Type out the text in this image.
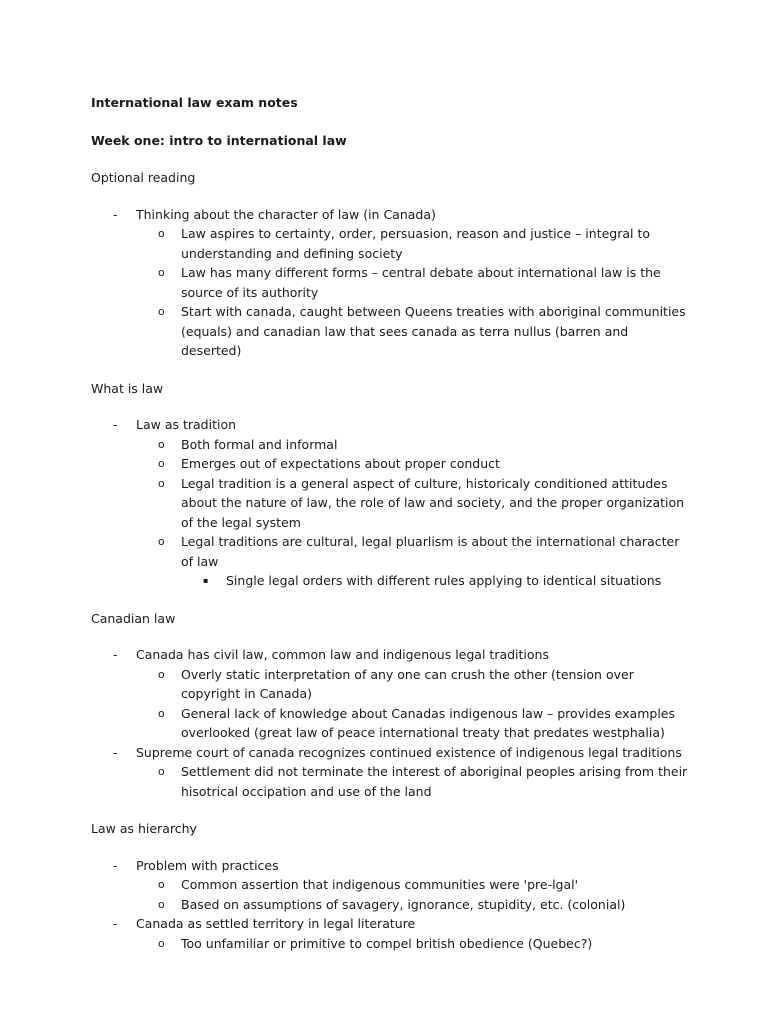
International law exam notes
Week one: intro to international law
Optional reading
- Thinking about the character of law (in Canada)
o Law aspires to certainty, order, persuasion, reason and justice – integral to understanding and defining society
o Law has many different forms – central debate about international law is the source of its authority
o Start with canada, caught between Queens treaties with aboriginal communities (equals) and canadian law that sees canada as terra nullus (barren and deserted)
What is law
- Law as tradition
o Both formal and informal
o Emerges out of expectations about proper conduct
o Legal tradition is a general aspect of culture, historicaly conditioned attitudes about the nature of law, the role of law and society, and the proper organization of the legal system
o Legal traditions are cultural, legal pluarlism is about the international character of law
▪ Single legal orders with different rules applying to identical situations
Canadian law
- Canada has civil law, common law and indigenous legal traditions
o Overly static interpretation of any one can crush the other (tension over copyright in Canada)
o General lack of knowledge about Canadas indigenous law – provides examples overlooked (great law of peace international treaty that predates westphalia)
- Supreme court of canada recognizes continued existence of indigenous legal traditions
o Settlement did not terminate the interest of aboriginal peoples arising from their hisotrical occipation and use of the land
Law as hierarchy
- Problem with practices
o Common assertion that indigenous communities were 'pre-lgal'
o Based on assumptions of savagery, ignorance, stupidity, etc. (colonial)
- Canada as settled territory in legal literature
o Too unfamiliar or primitive to compel british obedience (Quebec?)
